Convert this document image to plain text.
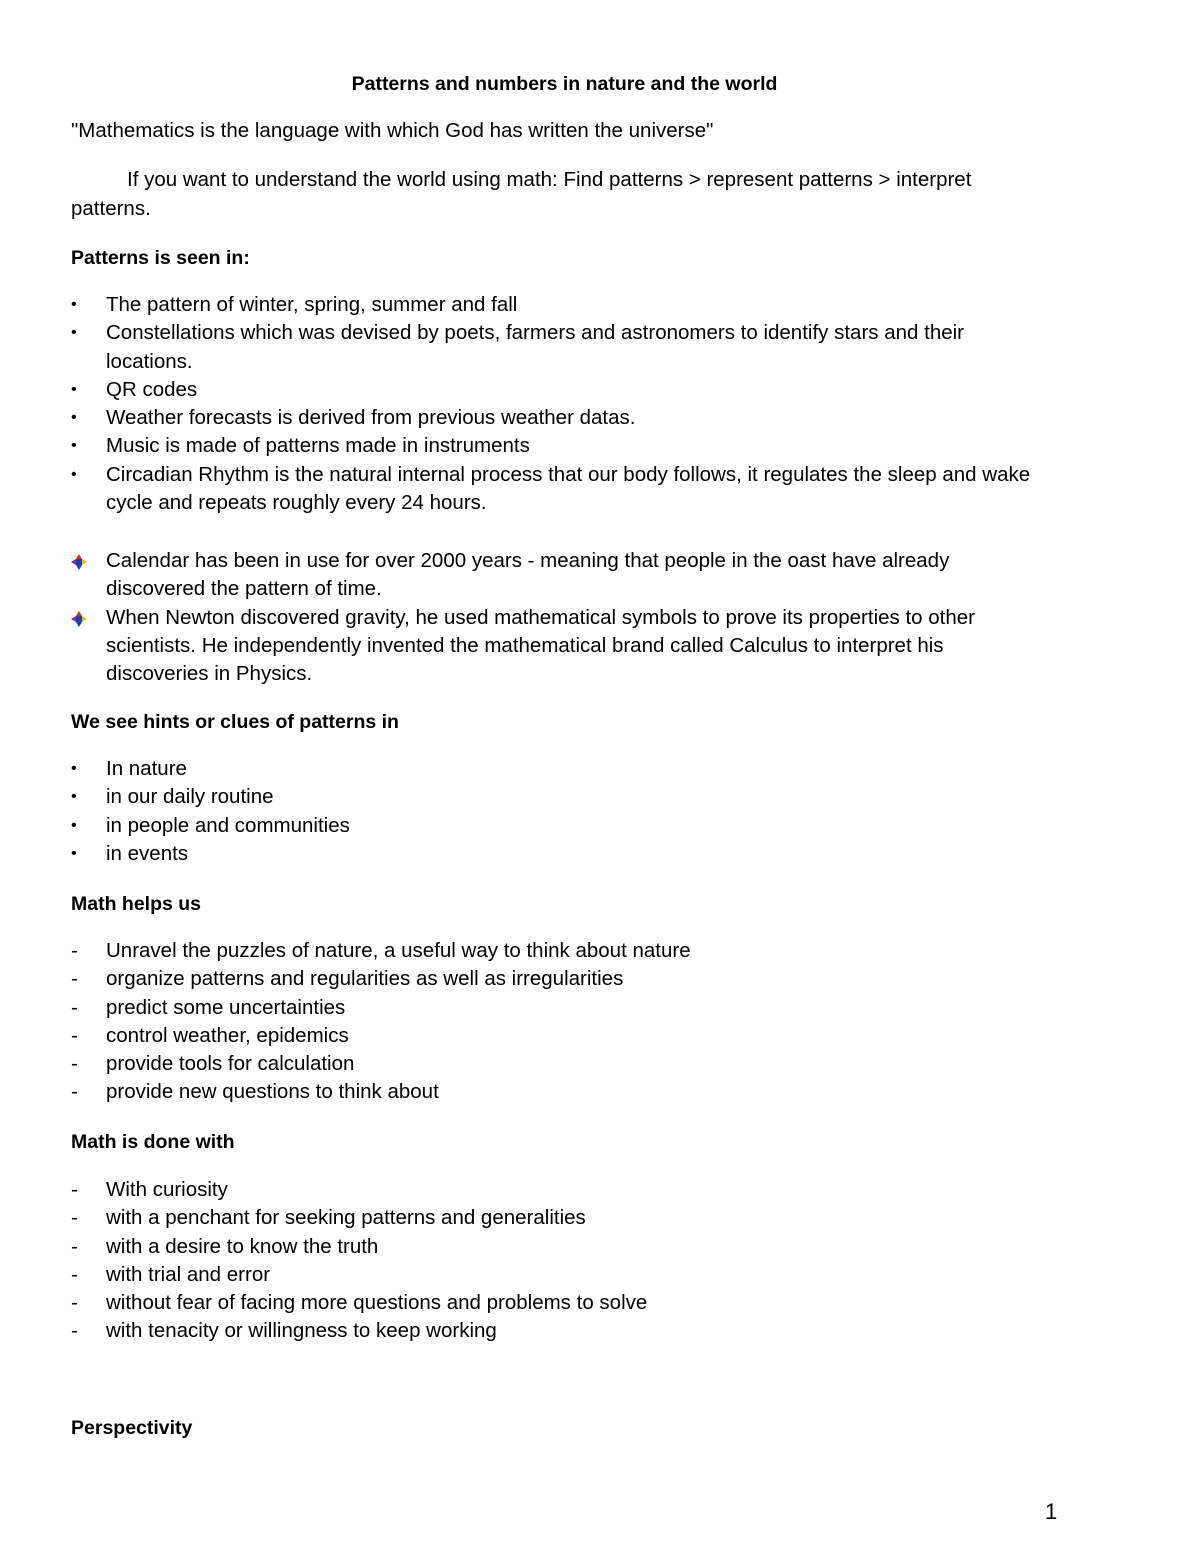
Patterns and numbers in nature and the world
"Mathematics is the language with which God has written the universe"
If you want to understand the world using math: Find patterns > represent patterns > interpret patterns.
Patterns is seen in:
•	The pattern of winter, spring, summer and fall
•	Constellations which was devised by poets, farmers and astronomers to identify stars and their locations.
•	QR codes
•	Weather forecasts is derived from previous weather datas.
•	Music is made of patterns made in instruments
•	Circadian Rhythm is the natural internal process that our body follows, it regulates the sleep and wake cycle and repeats roughly every 24 hours.
Calendar has been in use for over 2000 years - meaning that people in the oast have already discovered the pattern of time.
When Newton discovered gravity, he used mathematical symbols to prove its properties to other scientists. He independently invented the mathematical brand called Calculus to interpret his discoveries in Physics.
We see hints or clues of patterns in
•	In nature
•	in our daily routine
•	in people and communities
•	in events
Math helps us
-	Unravel the puzzles of nature, a useful way to think about nature
-	organize patterns and regularities as well as irregularities
-	predict some uncertainties
-	control weather, epidemics
-	provide tools for calculation
-	provide new questions to think about
Math is done with
-	With curiosity
-	with a penchant for seeking patterns and generalities
-	with a desire to know the truth
-	with trial and error
-	without fear of facing more questions and problems to solve
-	with tenacity or willingness to keep working
Perspectivity
1
